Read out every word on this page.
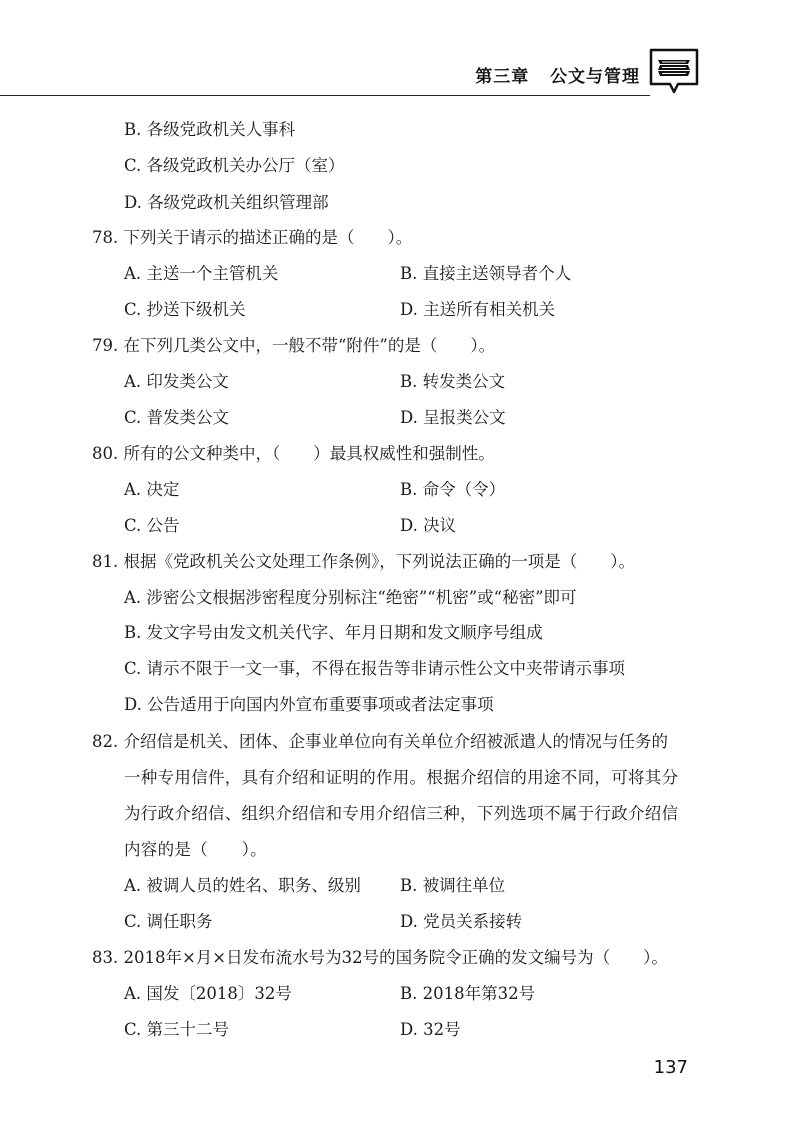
第三章 公文与管理
B. 各级党政机关人事科
C. 各级党政机关办公厅（室）
D. 各级党政机关组织管理部
78. 下列关于请示的描述正确的是（　　）。
A. 主送一个主管机关	B. 直接主送领导者个人
C. 抄送下级机关	D. 主送所有相关机关
79. 在下列几类公文中，一般不带“附件”的是（　　）。
A. 印发类公文	B. 转发类公文
C. 普发类公文	D. 呈报类公文
80. 所有的公文种类中，（　　）最具权威性和强制性。
A. 决定	B. 命令（令）
C. 公告	D. 决议
81. 根据《党政机关公文处理工作条例》，下列说法正确的一项是（　　）。
A. 涉密公文根据涉密程度分别标注“绝密”“机密”或“秘密”即可
B. 发文字号由发文机关代字、年月日期和发文顺序号组成
C. 请示不限于一文一事，不得在报告等非请示性公文中夹带请示事项
D. 公告适用于向国内外宣布重要事项或者法定事项
82. 介绍信是机关、团体、企事业单位向有关单位介绍被派遣人的情况与任务的
一种专用信件，具有介绍和证明的作用。根据介绍信的用途不同，可将其分
为行政介绍信、组织介绍信和专用介绍信三种，下列选项不属于行政介绍信
内容的是（　　）。
A. 被调人员的姓名、职务、级别 B. 被调往单位
C. 调任职务	D. 党员关系接转
83. 2018年×月×日发布流水号为32号的国务院令正确的发文编号为（　　）。
A. 国发〔2018〕32号	B. 2018年第32号
C. 第三十二号	D. 32号
137
